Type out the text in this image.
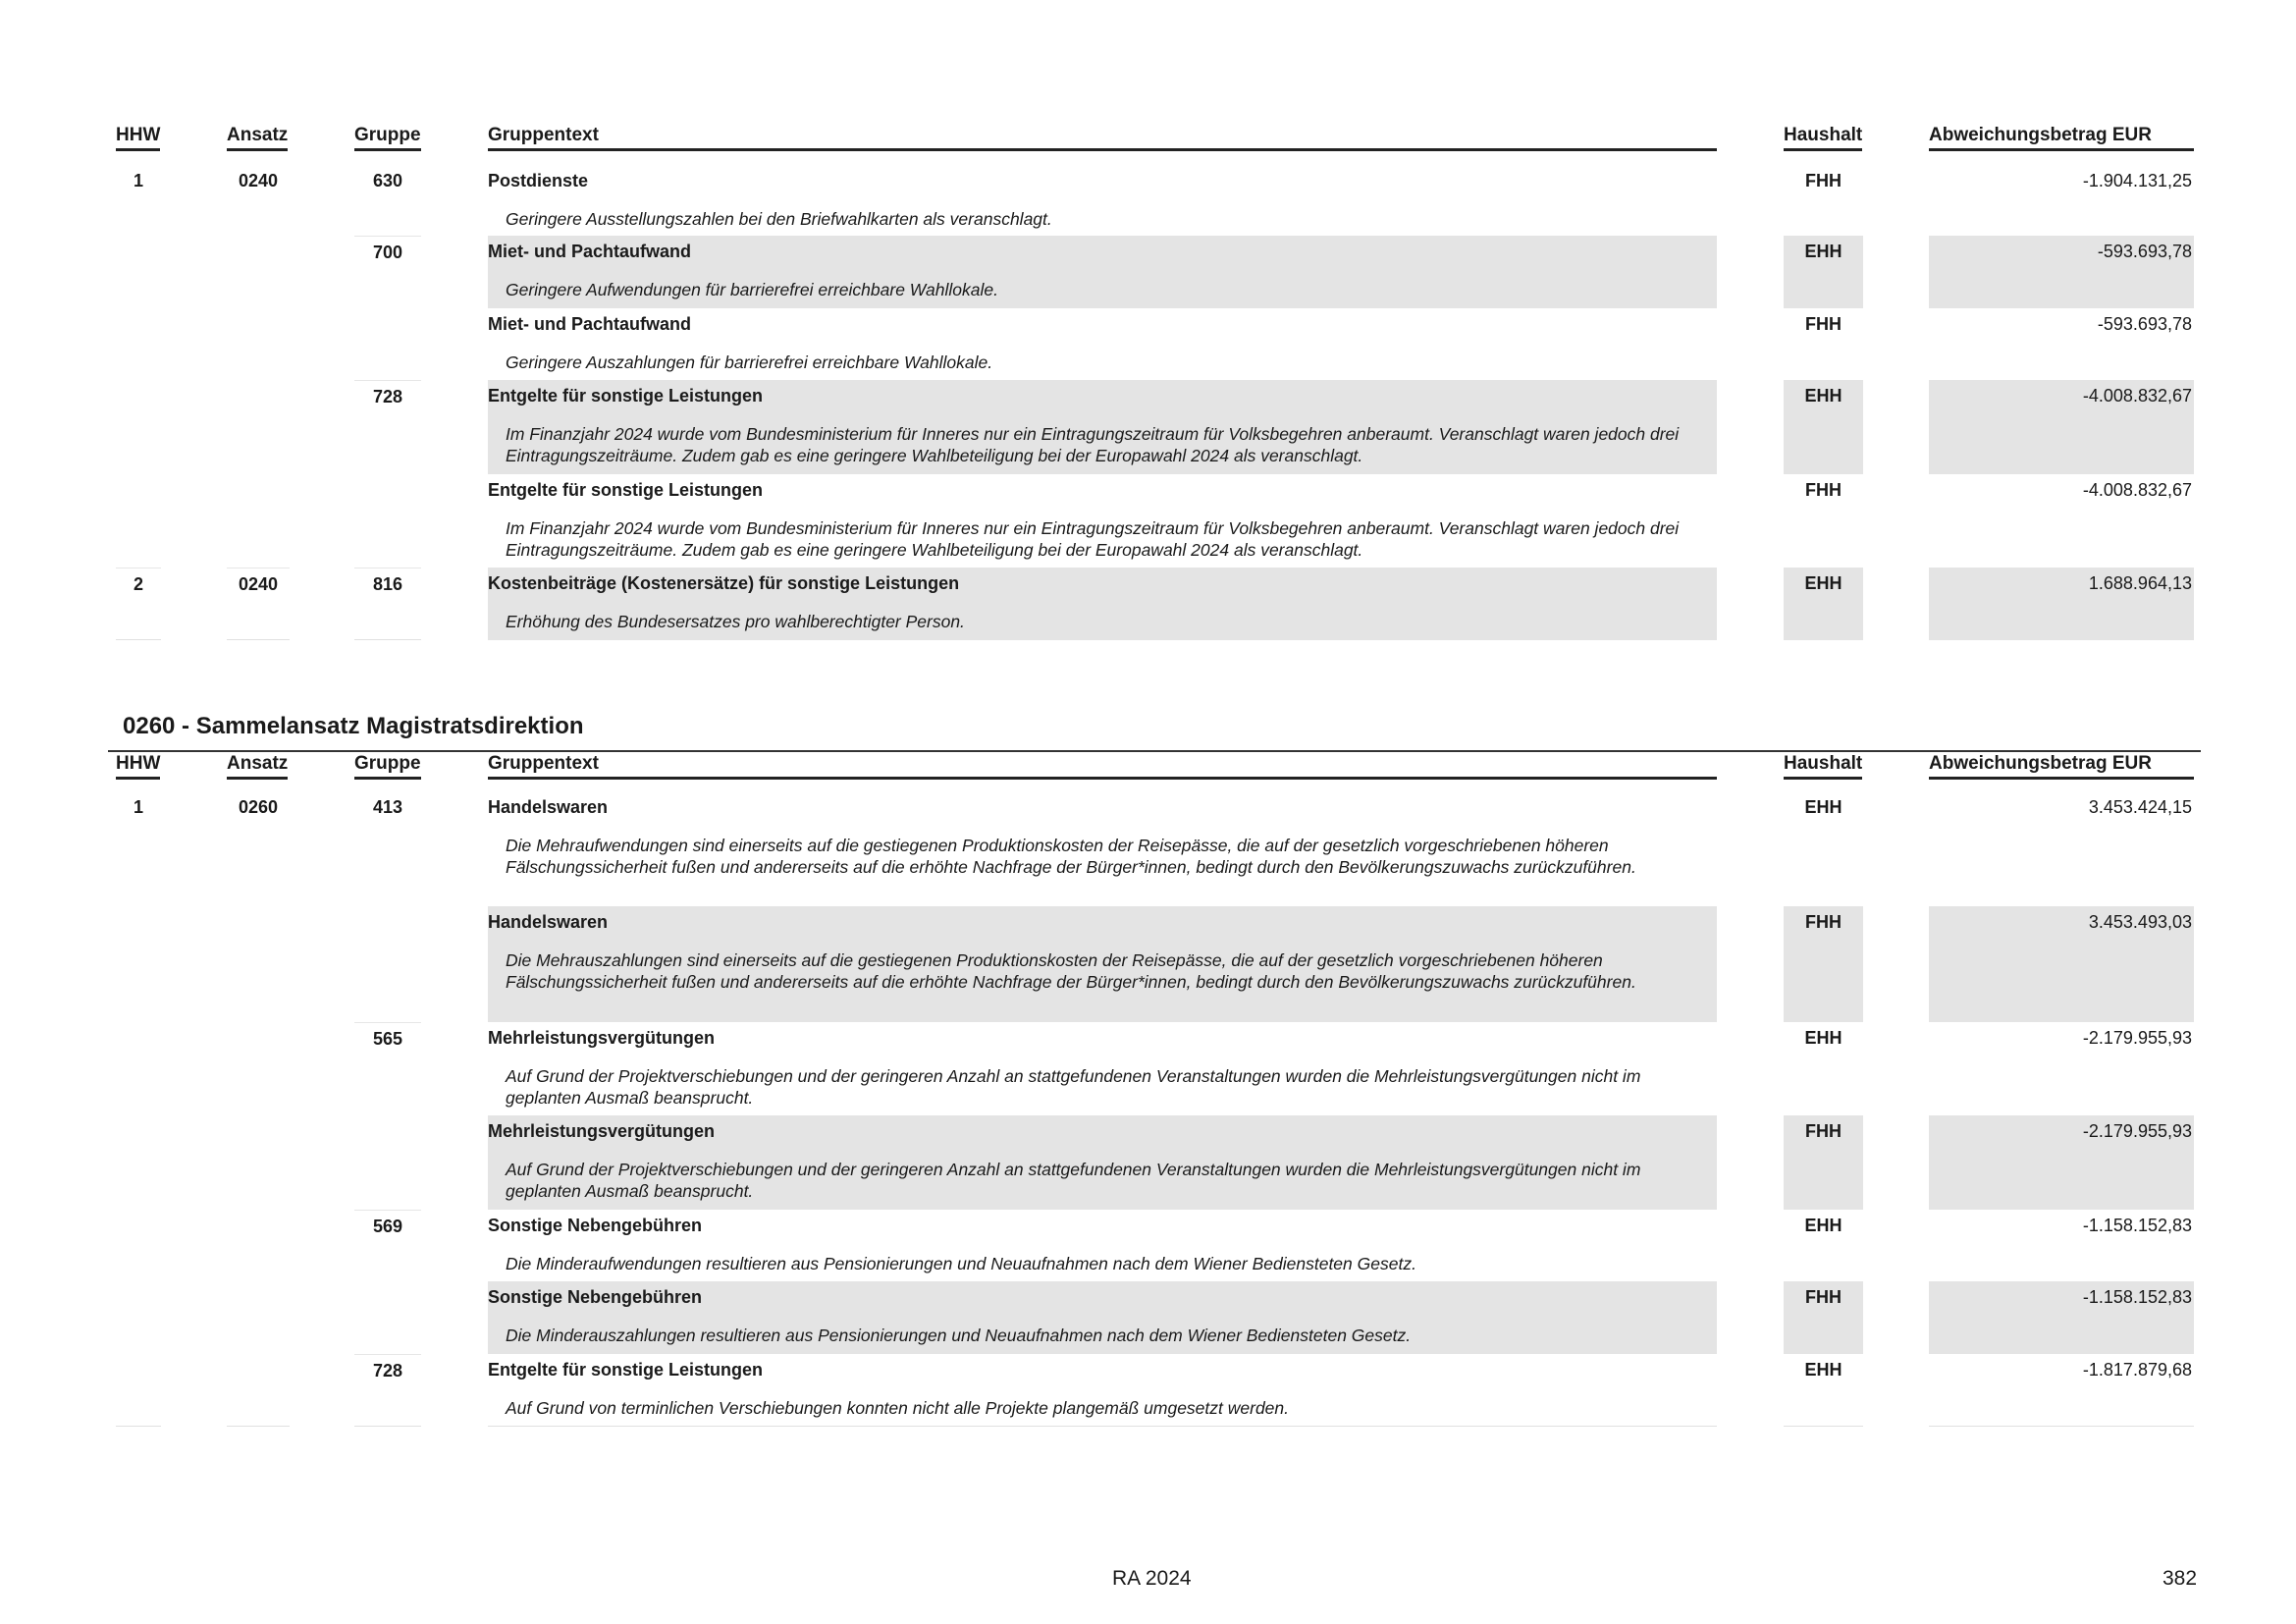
HHW	Ansatz	Gruppe	Gruppentext	Haushalt	Abweichungsbetrag EUR
1	0240	630	Postdienste
Geringere Ausstellungszahlen bei den Briefwahlkarten als veranschlagt.
FHH	-1.904.131,25
700	Miet- und Pachtaufwand
Geringere Aufwendungen für barrierefrei erreichbare Wahllokale.
EHH	-593.693,78
Miet- und Pachtaufwand
Geringere Auszahlungen für barrierefrei erreichbare Wahllokale.
FHH	-593.693,78
728	Entgelte für sonstige Leistungen
Im Finanzjahr 2024 wurde vom Bundesministerium für Inneres nur ein Eintragungszeitraum für Volksbegehren anberaumt. Veranschlagt waren jedoch drei Eintragungszeiträume. Zudem gab es eine geringere Wahlbeteiligung bei der Europawahl 2024 als veranschlagt.
EHH	-4.008.832,67
Entgelte für sonstige Leistungen
Im Finanzjahr 2024 wurde vom Bundesministerium für Inneres nur ein Eintragungszeitraum für Volksbegehren anberaumt. Veranschlagt waren jedoch drei Eintragungszeiträume. Zudem gab es eine geringere Wahlbeteiligung bei der Europawahl 2024 als veranschlagt.
FHH	-4.008.832,67
2	0240	816	Kostenbeiträge (Kostenersätze) für sonstige Leistungen
Erhöhung des Bundesersatzes pro wahlberechtigter Person.
EHH	1.688.964,13
0260 - Sammelansatz Magistratsdirektion
HHW	Ansatz	Gruppe	Gruppentext	Haushalt	Abweichungsbetrag EUR
1	0260	413	Handelswaren
Die Mehraufwendungen sind einerseits auf die gestiegenen Produktionskosten der Reisepässe, die auf der gesetzlich vorgeschriebenen höheren Fälschungssicherheit fußen und andererseits auf die erhöhte Nachfrage der Bürger*innen, bedingt durch den Bevölkerungszuwachs zurückzuführen.
EHH	3.453.424,15
Handelswaren
Die Mehrauszahlungen sind einerseits auf die gestiegenen Produktionskosten der Reisepässe, die auf der gesetzlich vorgeschriebenen höheren Fälschungssicherheit fußen und andererseits auf die erhöhte Nachfrage der Bürger*innen, bedingt durch den Bevölkerungszuwachs zurückzuführen.
FHH	3.453.493,03
565	Mehrleistungsvergütungen
Auf Grund der Projektverschiebungen und der geringeren Anzahl an stattgefundenen Veranstaltungen wurden die Mehrleistungsvergütungen nicht im geplanten Ausmaß beansprucht.
EHH	-2.179.955,93
Mehrleistungsvergütungen
Auf Grund der Projektverschiebungen und der geringeren Anzahl an stattgefundenen Veranstaltungen wurden die Mehrleistungsvergütungen nicht im geplanten Ausmaß beansprucht.
FHH	-2.179.955,93
569	Sonstige Nebengebühren
Die Minderaufwendungen resultieren aus Pensionierungen und Neuaufnahmen nach dem Wiener Bediensteten Gesetz.
EHH	-1.158.152,83
Sonstige Nebengebühren
Die Minderauszahlungen resultieren aus Pensionierungen und Neuaufnahmen nach dem Wiener Bediensteten Gesetz.
FHH	-1.158.152,83
728	Entgelte für sonstige Leistungen
Auf Grund von terminlichen Verschiebungen konnten nicht alle Projekte plangemäß umgesetzt werden.
EHH	-1.817.879,68
RA 2024	382
